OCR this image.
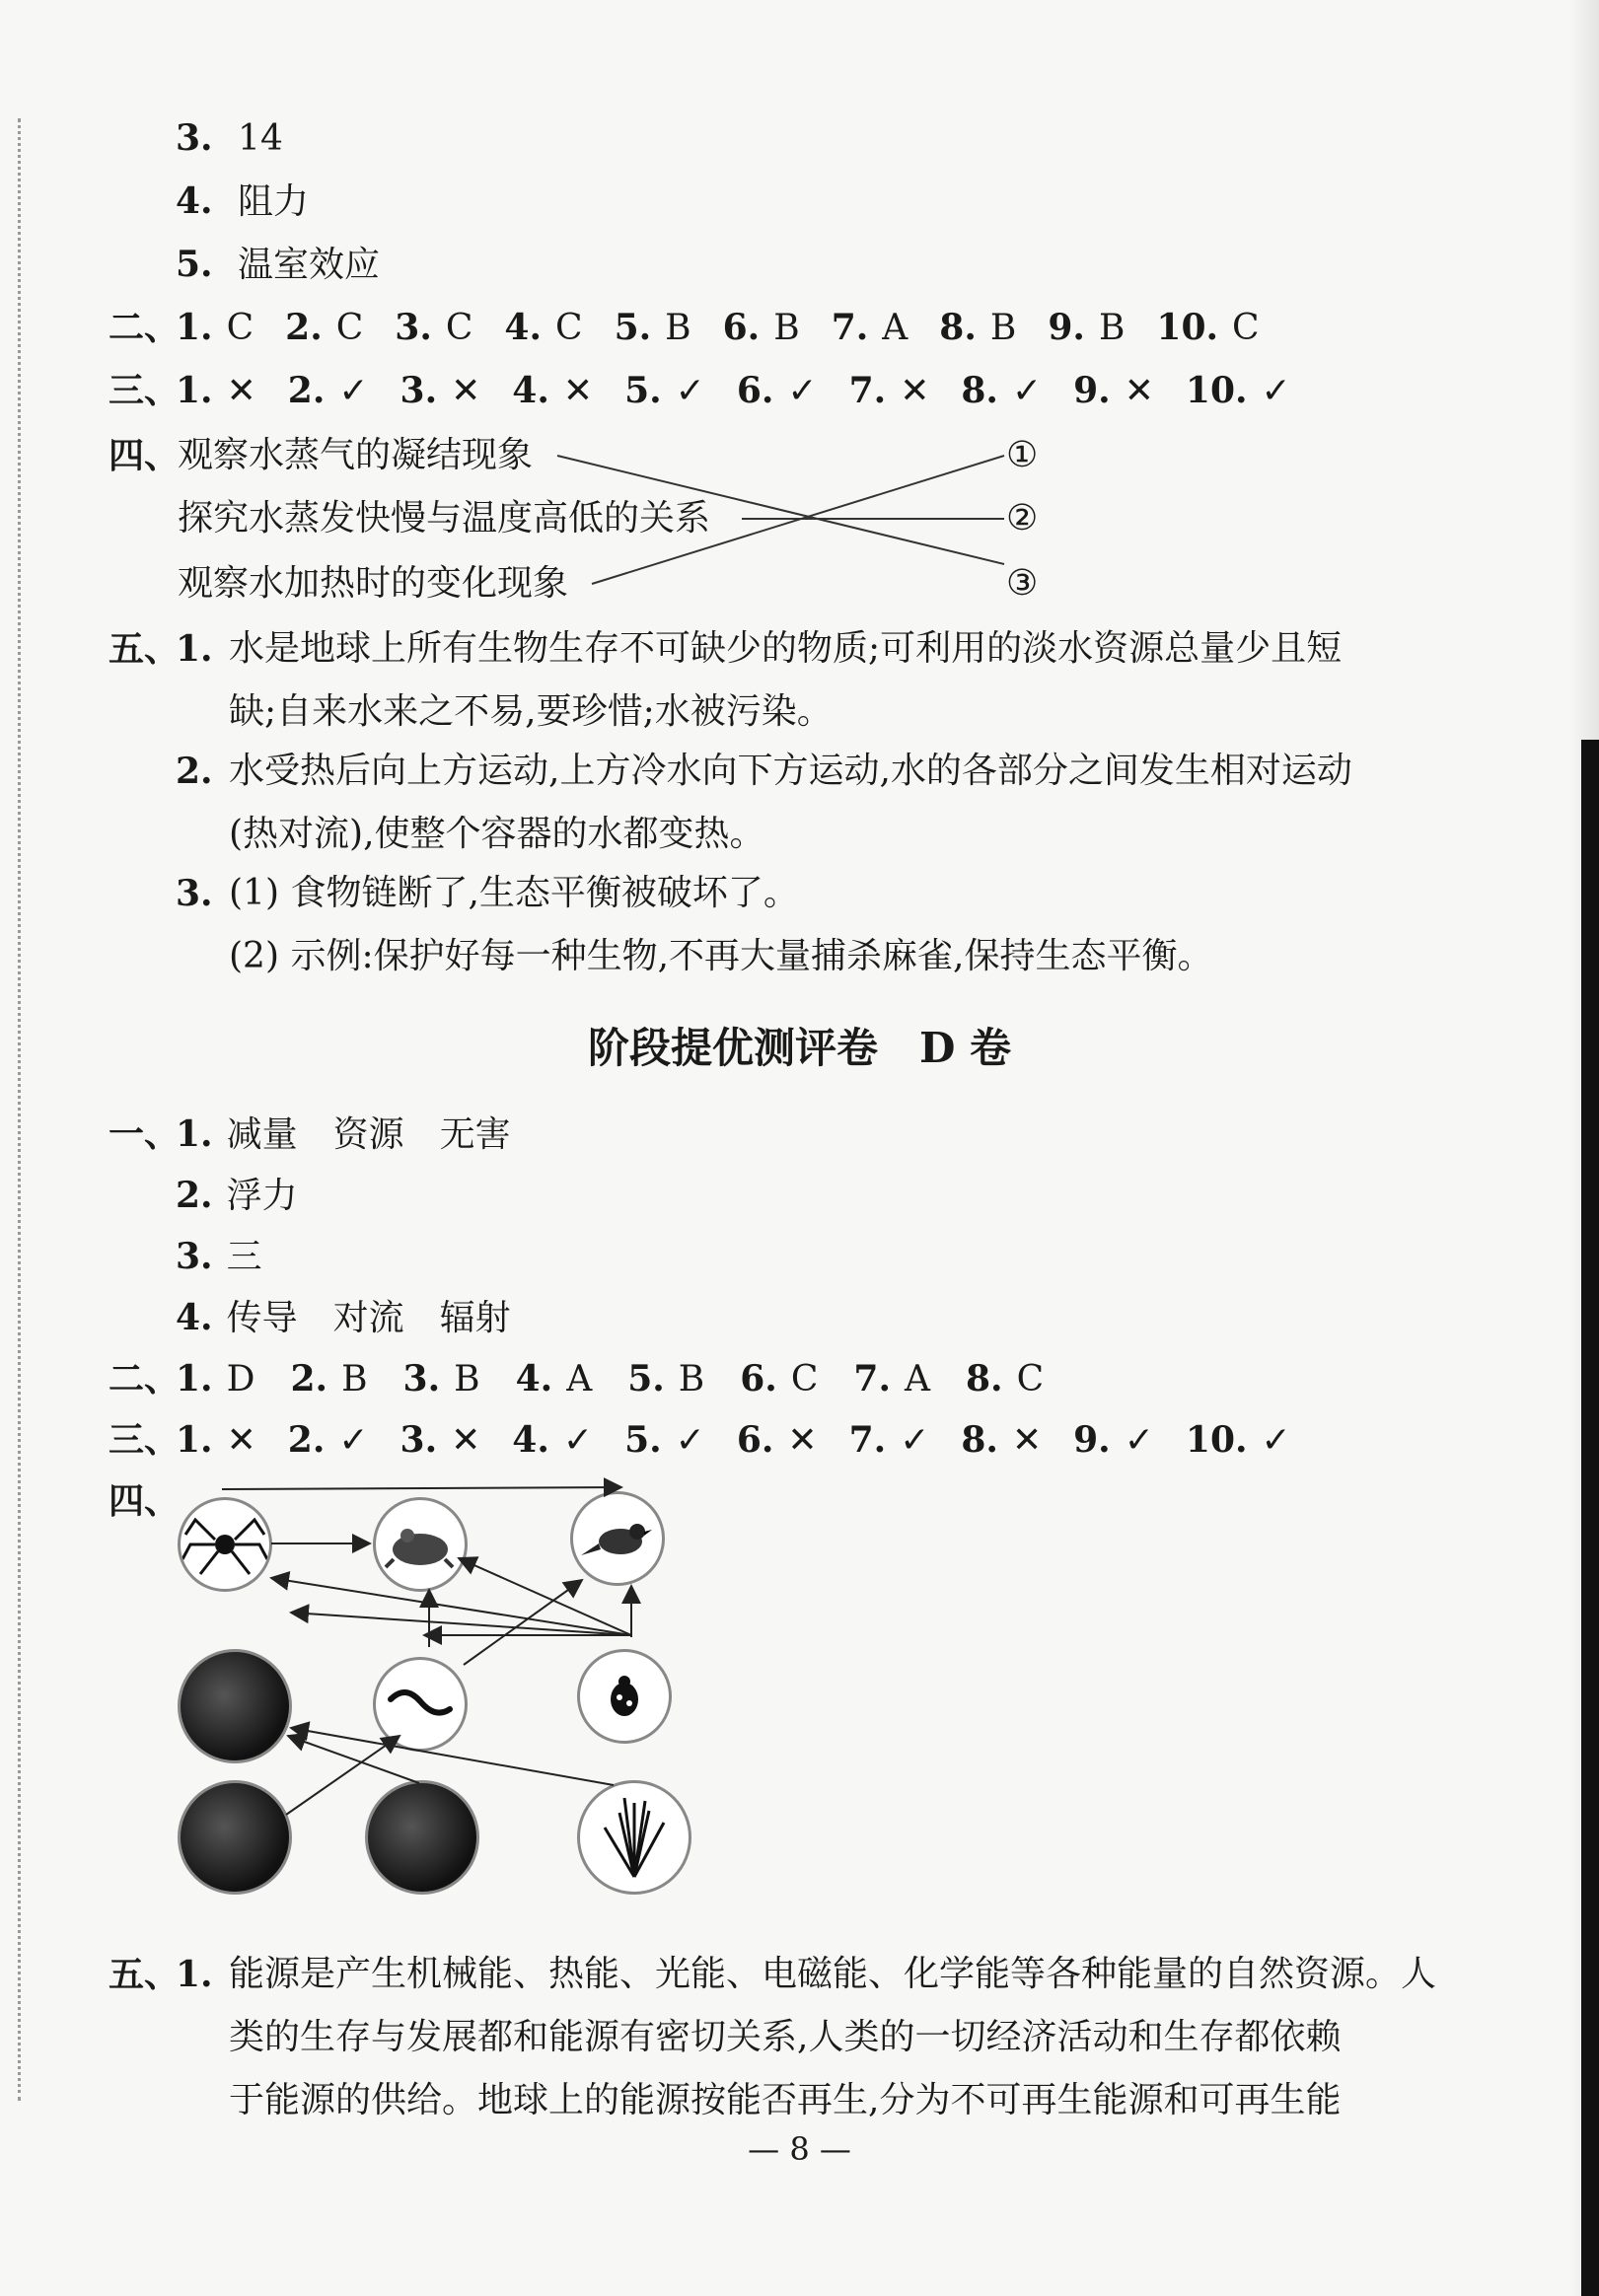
3. 14
4. 阻力
5. 温室效应
二、
1. C 2. C 3. C 4. C 5. B 6. B 7. A 8. B 9. B 10. C
三、
1. ✕ 2. ✓ 3. ✕ 4. ✕ 5. ✓ 6. ✓ 7. ✕ 8. ✓ 9. ✕ 10. ✓
四、
观察水蒸气的凝结现象
探究水蒸发快慢与温度高低的关系
观察水加热时的变化现象
①
②
③
五、
1. 水是地球上所有生物生存不可缺少的物质;可利用的淡水资源总量少且短
缺;自来水来之不易,要珍惜;水被污染。
2. 水受热后向上方运动,上方冷水向下方运动,水的各部分之间发生相对运动
(热对流),使整个容器的水都变热。
3. (1) 食物链断了,生态平衡被破坏了。
(2) 示例:保护好每一种生物,不再大量捕杀麻雀,保持生态平衡。
阶段提优测评卷　D 卷
一、
1. 减量　资源　无害
2. 浮力
3. 三
4. 传导　对流　辐射
二、
1. D 2. B 3. B 4. A 5. B 6. C 7. A 8. C
三、
1. ✕ 2. ✓ 3. ✕ 4. ✓ 5. ✓ 6. ✕ 7. ✓ 8. ✕ 9. ✓ 10. ✓
四、
五、
1. 能源是产生机械能、热能、光能、电磁能、化学能等各种能量的自然资源。人
类的生存与发展都和能源有密切关系,人类的一切经济活动和生存都依赖
于能源的供给。地球上的能源按能否再生,分为不可再生能源和可再生能
— 8 —
